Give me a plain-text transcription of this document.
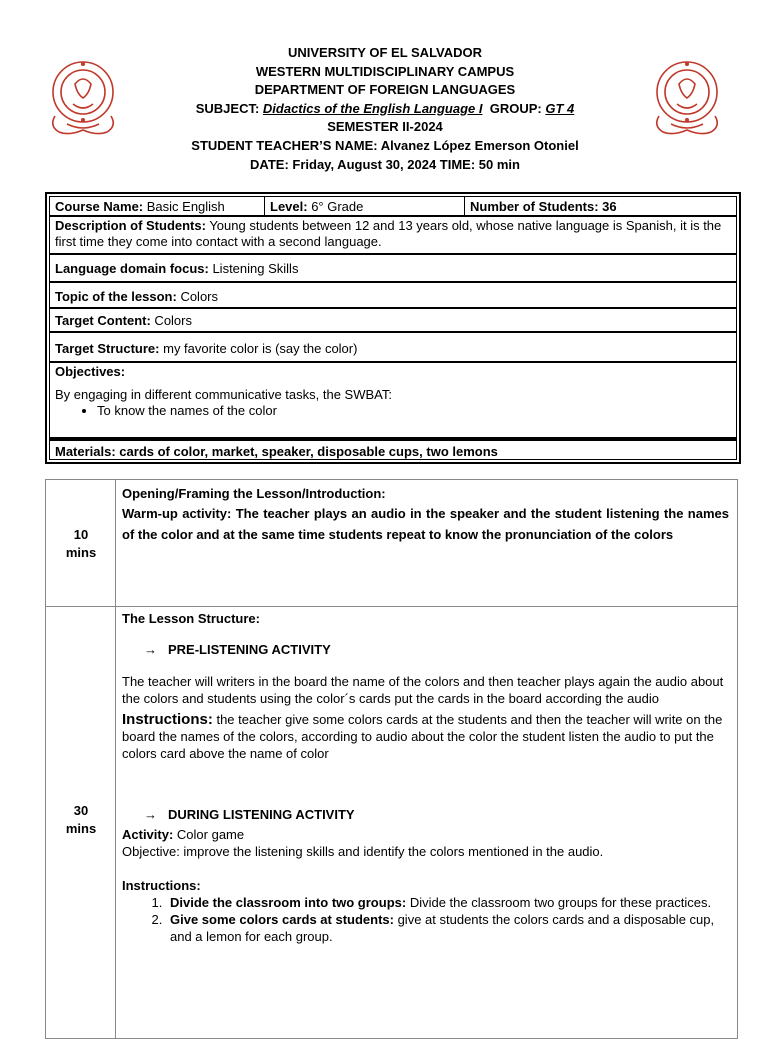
UNIVERSITY OF EL SALVADOR
WESTERN MULTIDISCIPLINARY CAMPUS
DEPARTMENT OF FOREIGN LANGUAGES
SUBJECT: Didactics of the English Language I GROUP: GT 4
SEMESTER II-2024
STUDENT TEACHER’S NAME: Alvanez López Emerson Otoniel
DATE: Friday, August 30, 2024 TIME: 50 min
Course Name: Basic English	Level: 6° Grade	Number of Students: 36
Description of Students: Young students between 12 and 13 years old, whose native language is Spanish, it is the first time they come into contact with a second language.
Language domain focus: Listening Skills
Topic of the lesson: Colors
Target Content: Colors
Target Structure: my favorite color is (say the color)
Objectives:
By engaging in different communicative tasks, the SWBAT:
• To know the names of the color
Materials: cards of color, market, speaker, disposable cups, two lemons
10
mins
Opening/Framing the Lesson/Introduction:
Warm-up activity: The teacher plays an audio in the speaker and the student listening the names of the color and at the same time students repeat to know the pronunciation of the colors
30
mins
The Lesson Structure:
→ PRE-LISTENING ACTIVITY
The teacher will writers in the board the name of the colors and then teacher plays again the audio about the colors and students using the color´s cards put the cards in the board according the audio
Instructions: the teacher give some colors cards at the students and then the teacher will write on the board the names of the colors, according to audio about the color the student listen the audio to put the colors card above the name of color
→ DURING LISTENING ACTIVITY
Activity: Color game
Objective: improve the listening skills and identify the colors mentioned in the audio.
Instructions:
1. Divide the classroom into two groups: Divide the classroom two groups for these practices.
2. Give some colors cards at students: give at students the colors cards and a disposable cup, and a lemon for each group.
